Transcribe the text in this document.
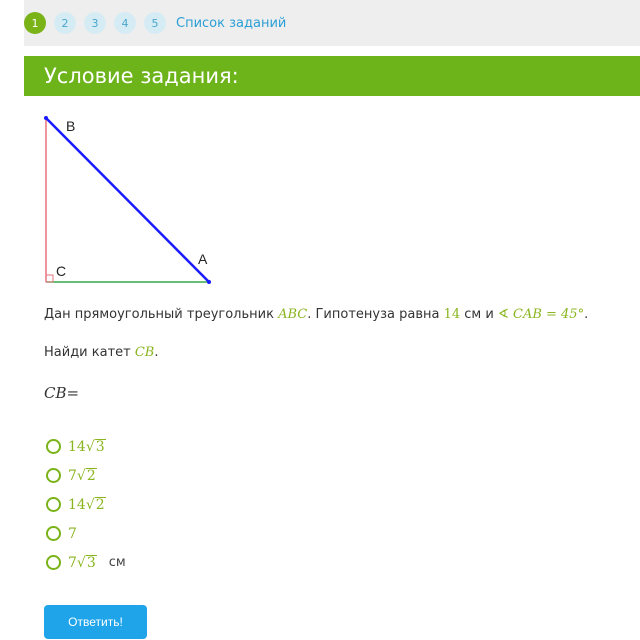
1	2	3	4	5	Список заданий
Условие задания:
B
A
C
Дан прямоугольный треугольник ABC. Гипотенуза равна 14 см и ∢ CAB = 45°.
Найди катет CB.
CB=
14√3
7√2
14√2
7
7√3 см
Ответить!
